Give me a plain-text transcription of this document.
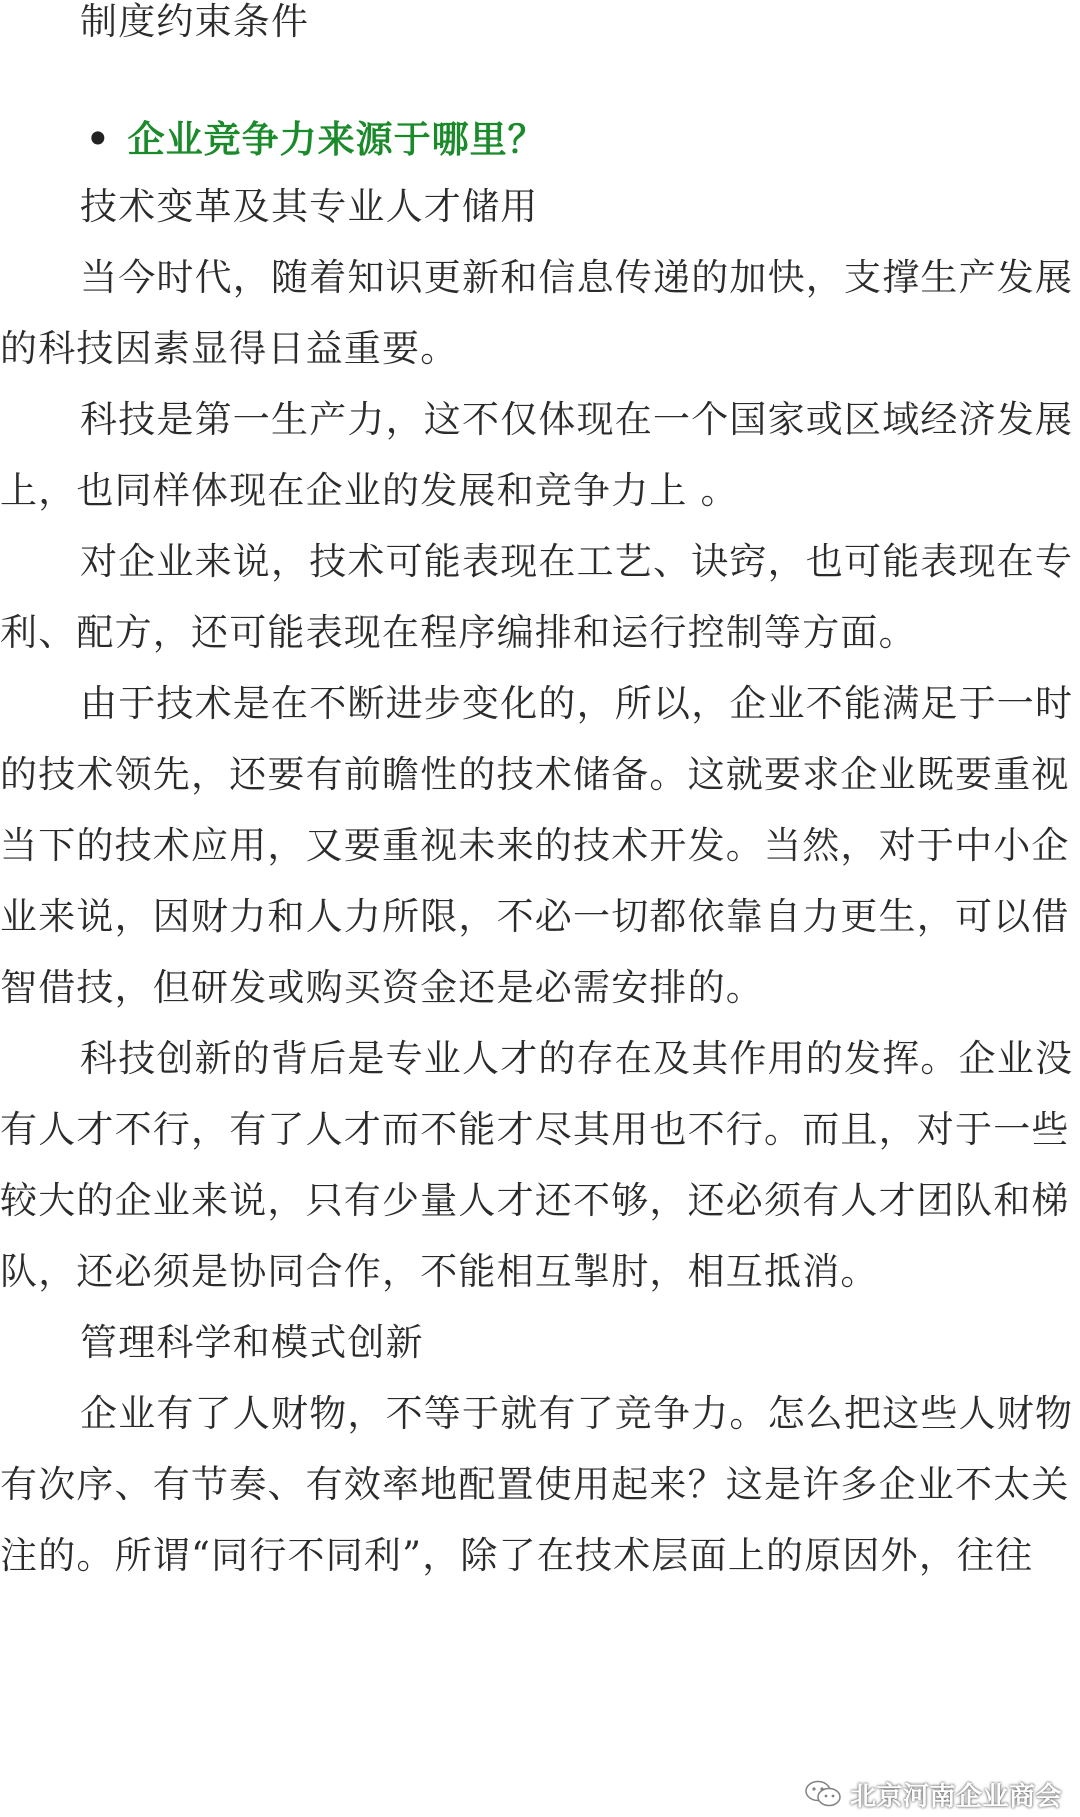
制度约束条件
• 企业竞争力来源于哪里？
技术变革及其专业人才储用
当今时代，随着知识更新和信息传递的加快，支撑生产发展
的科技因素显得日益重要。
科技是第一生产力，这不仅体现在一个国家或区域经济发展
上，也同样体现在企业的发展和竞争力上 。
对企业来说，技术可能表现在工艺、诀窍，也可能表现在专
利、配方，还可能表现在程序编排和运行控制等方面。
由于技术是在不断进步变化的，所以，企业不能满足于一时
的技术领先，还要有前瞻性的技术储备。这就要求企业既要重视
当下的技术应用，又要重视未来的技术开发。当然，对于中小企
业来说，因财力和人力所限，不必一切都依靠自力更生，可以借
智借技，但研发或购买资金还是必需安排的。
科技创新的背后是专业人才的存在及其作用的发挥。企业没
有人才不行，有了人才而不能才尽其用也不行。而且，对于一些
较大的企业来说，只有少量人才还不够，还必须有人才团队和梯
队，还必须是协同合作，不能相互掣肘，相互抵消。
管理科学和模式创新
企业有了人财物，不等于就有了竞争力。怎么把这些人财物
有次序、有节奏、有效率地配置使用起来？这是许多企业不太关
注的。所谓“同行不同利”，除了在技术层面上的原因外，往往
北京河南企业商会
